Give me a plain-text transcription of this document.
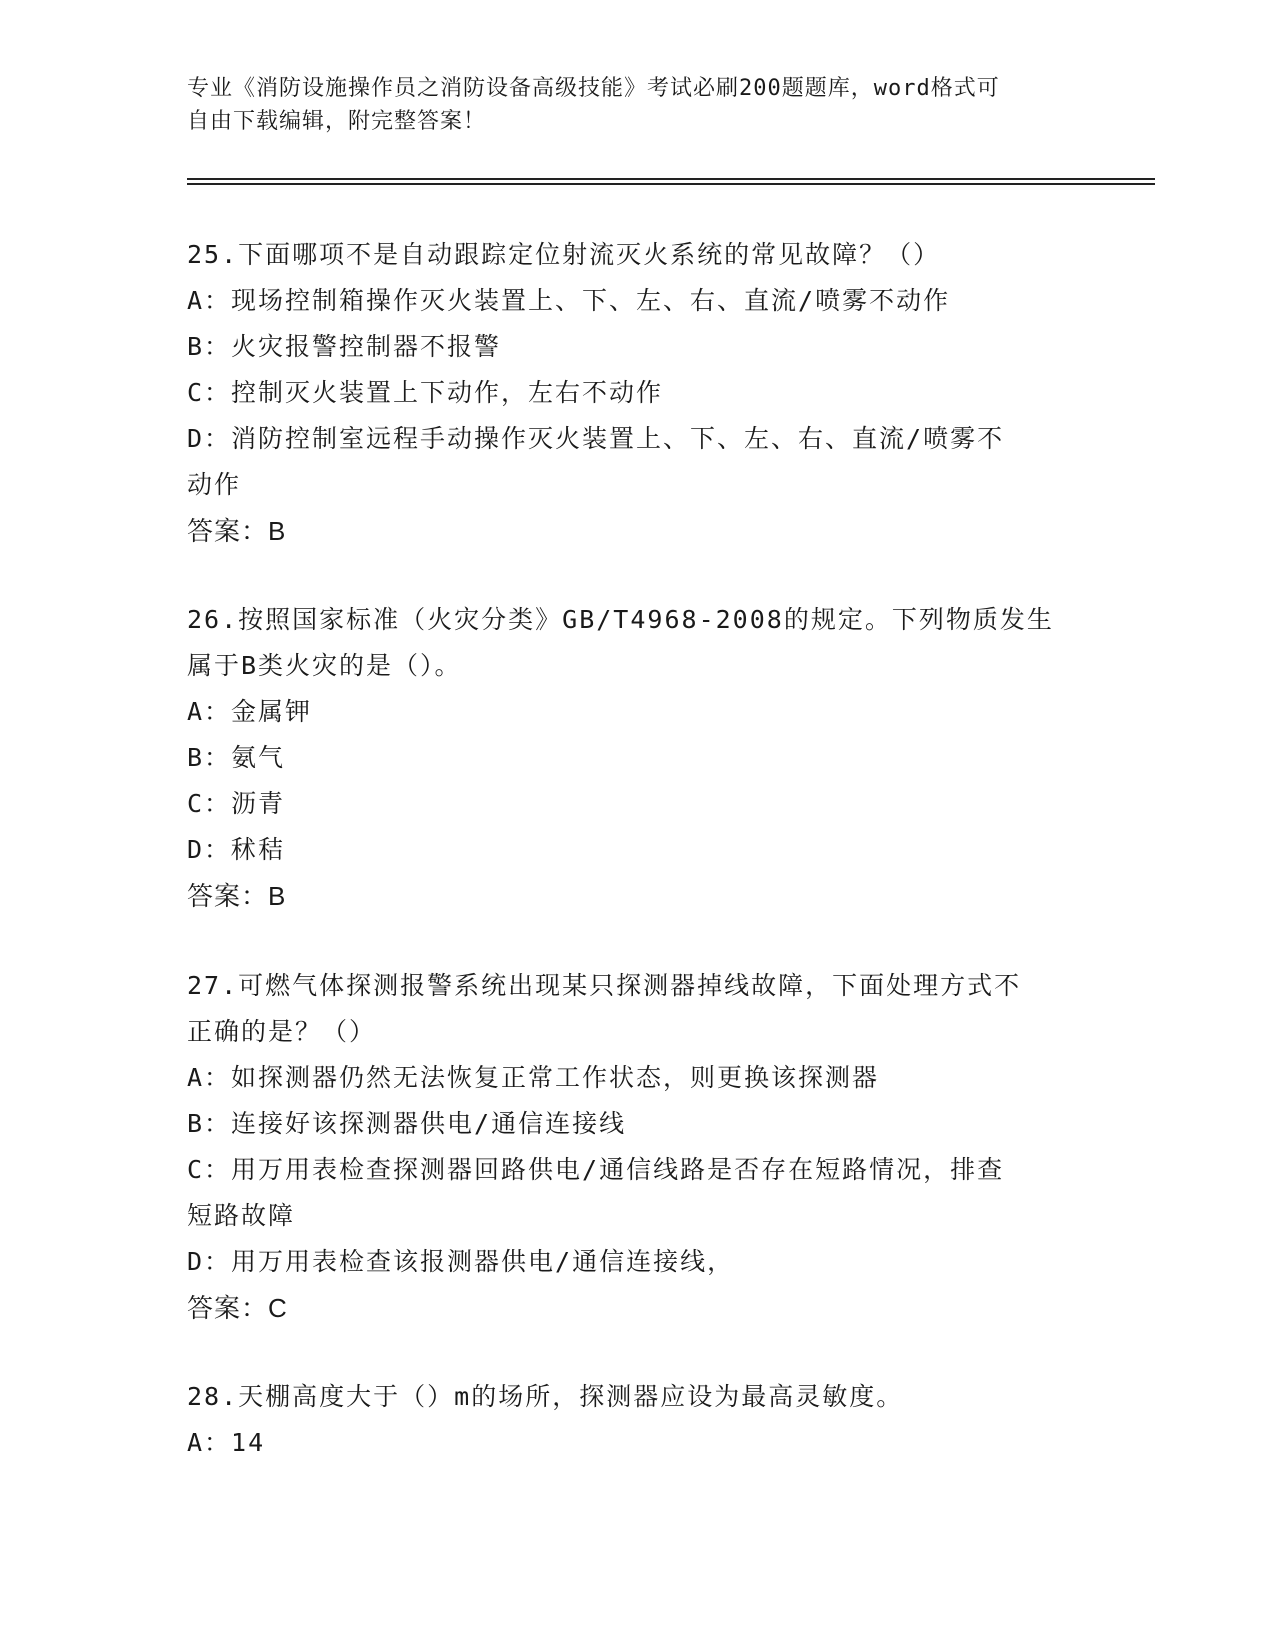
专业《消防设施操作员之消防设备高级技能》考试必刷200题题库，word格式可
自由下载编辑，附完整答案！
25.下面哪项不是自动跟踪定位射流灭火系统的常见故障？（）
A：现场控制箱操作灭火装置上、下、左、右、直流/喷雾不动作
B：火灾报警控制器不报警
C：控制灭火装置上下动作，左右不动作
D：消防控制室远程手动操作灭火装置上、下、左、右、直流/喷雾不
动作
答案：B
26.按照国家标准（火灾分类》GB/T4968-2008的规定。下列物质发生
属于B类火灾的是（）。
A：金属钾
B：氨气
C：沥青
D：秫秸
答案：B
27.可燃气体探测报警系统出现某只探测器掉线故障，下面处理方式不
正确的是？（）
A：如探测器仍然无法恢复正常工作状态，则更换该探测器
B：连接好该探测器供电/通信连接线
C：用万用表检查探测器回路供电/通信线路是否存在短路情况，排查
短路故障
D：用万用表检查该报测器供电/通信连接线，
答案：C
28.天棚高度大于（）m的场所，探测器应设为最高灵敏度。
A：14
